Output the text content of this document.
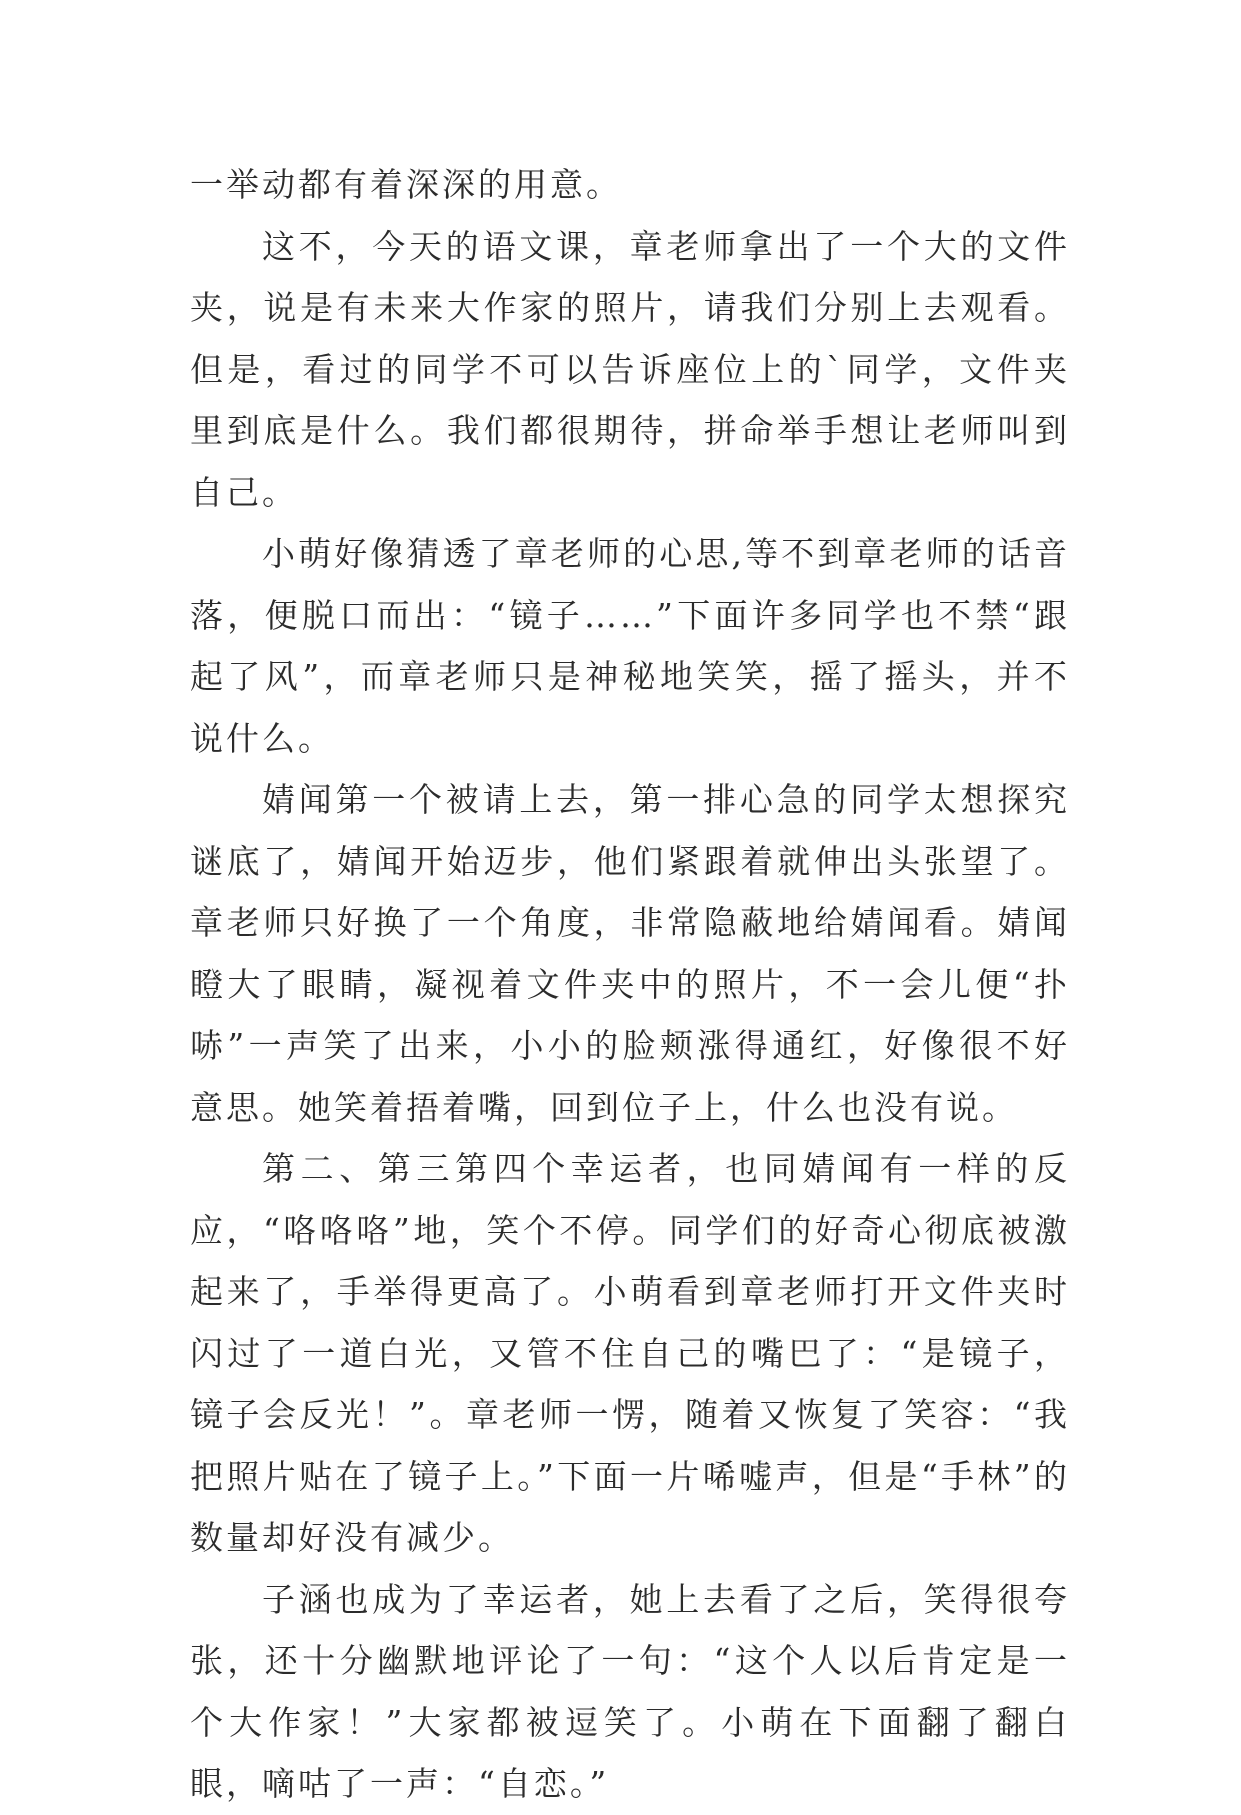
一举动都有着深深的用意。

这不，今天的语文课，章老师拿出了一个大的文件夹，说是有未来大作家的照片，请我们分别上去观看。但是，看过的同学不可以告诉座位上的`同学，文件夹里到底是什么。我们都很期待，拼命举手想让老师叫到自己。

小萌好像猜透了章老师的心思,等不到章老师的话音落，便脱口而出：“镜子……”下面许多同学也不禁“跟起了风”，而章老师只是神秘地笑笑，摇了摇头，并不说什么。

婧闻第一个被请上去，第一排心急的同学太想探究谜底了，婧闻开始迈步，他们紧跟着就伸出头张望了。章老师只好换了一个角度，非常隐蔽地给婧闻看。婧闻瞪大了眼睛，凝视着文件夹中的照片，不一会儿便“扑哧”一声笑了出来，小小的脸颊涨得通红，好像很不好意思。她笑着捂着嘴，回到位子上，什么也没有说。

第二、第三第四个幸运者，也同婧闻有一样的反应，“咯咯咯”地，笑个不停。同学们的好奇心彻底被激起来了，手举得更高了。小萌看到章老师打开文件夹时闪过了一道白光，又管不住自己的嘴巴了：“是镜子，镜子会反光！”。章老师一愣，随着又恢复了笑容：“我把照片贴在了镜子上。”下面一片唏嘘声，但是“手林”的数量却好没有减少。

子涵也成为了幸运者，她上去看了之后，笑得很夸张，还十分幽默地评论了一句：“这个人以后肯定是一个大作家！”大家都被逗笑了。小萌在下面翻了翻白眼，嘀咕了一声：“自恋。”
